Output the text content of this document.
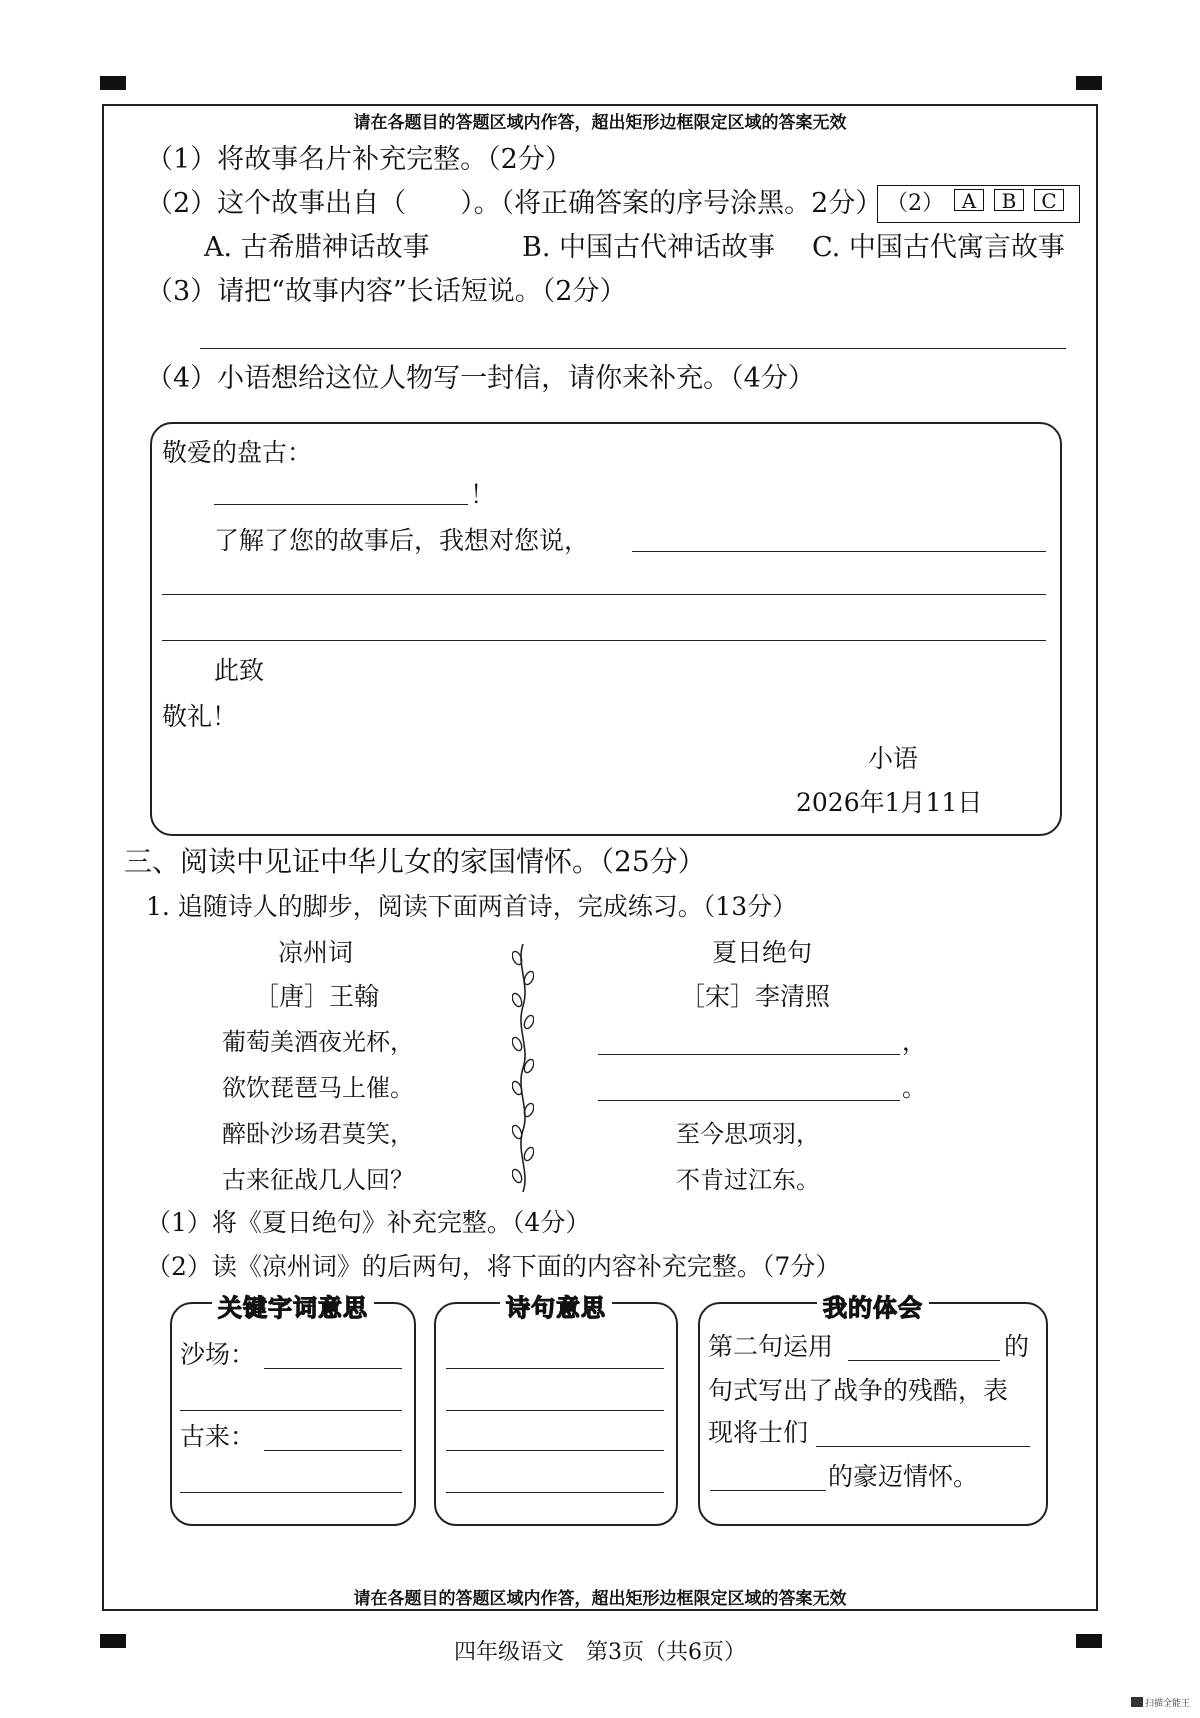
请在各题目的答题区域内作答，超出矩形边框限定区域的答案无效
（1）将故事名片补充完整。（2分）
（2）这个故事出自（　　）。（将正确答案的序号涂黑。2分） （2） A B C
A. 古希腊神话故事	B. 中国古代神话故事 C. 中国古代寓言故事
（3）请把“故事内容”长话短说。（2分）
（4）小语想给这位人物写一封信，请你来补充。（4分）
敬爱的盘古：
！
了解了您的故事后，我想对您说，
此致
敬礼！
小语
2026年1月11日
三、阅读中见证中华儿女的家国情怀。（25分）
1. 追随诗人的脚步，阅读下面两首诗，完成练习。（13分）
凉州词
［唐］王翰
葡萄美酒夜光杯，
欲饮琵琶马上催。
醉卧沙场君莫笑，
古来征战几人回？
夏日绝句
［宋］李清照
，
。
至今思项羽，
不肯过江东。
（1）将《夏日绝句》补充完整。（4分）
（2）读《凉州词》的后两句，将下面的内容补充完整。（7分）
关键字词意思
沙场：
古来：
诗句意思	我的体会
第二句运用	的
句式写出了战争的残酷，表
现将士们
的豪迈情怀。
请在各题目的答题区域内作答，超出矩形边框限定区域的答案无效
四年级语文　第3页（共6页）
扫描全能王
